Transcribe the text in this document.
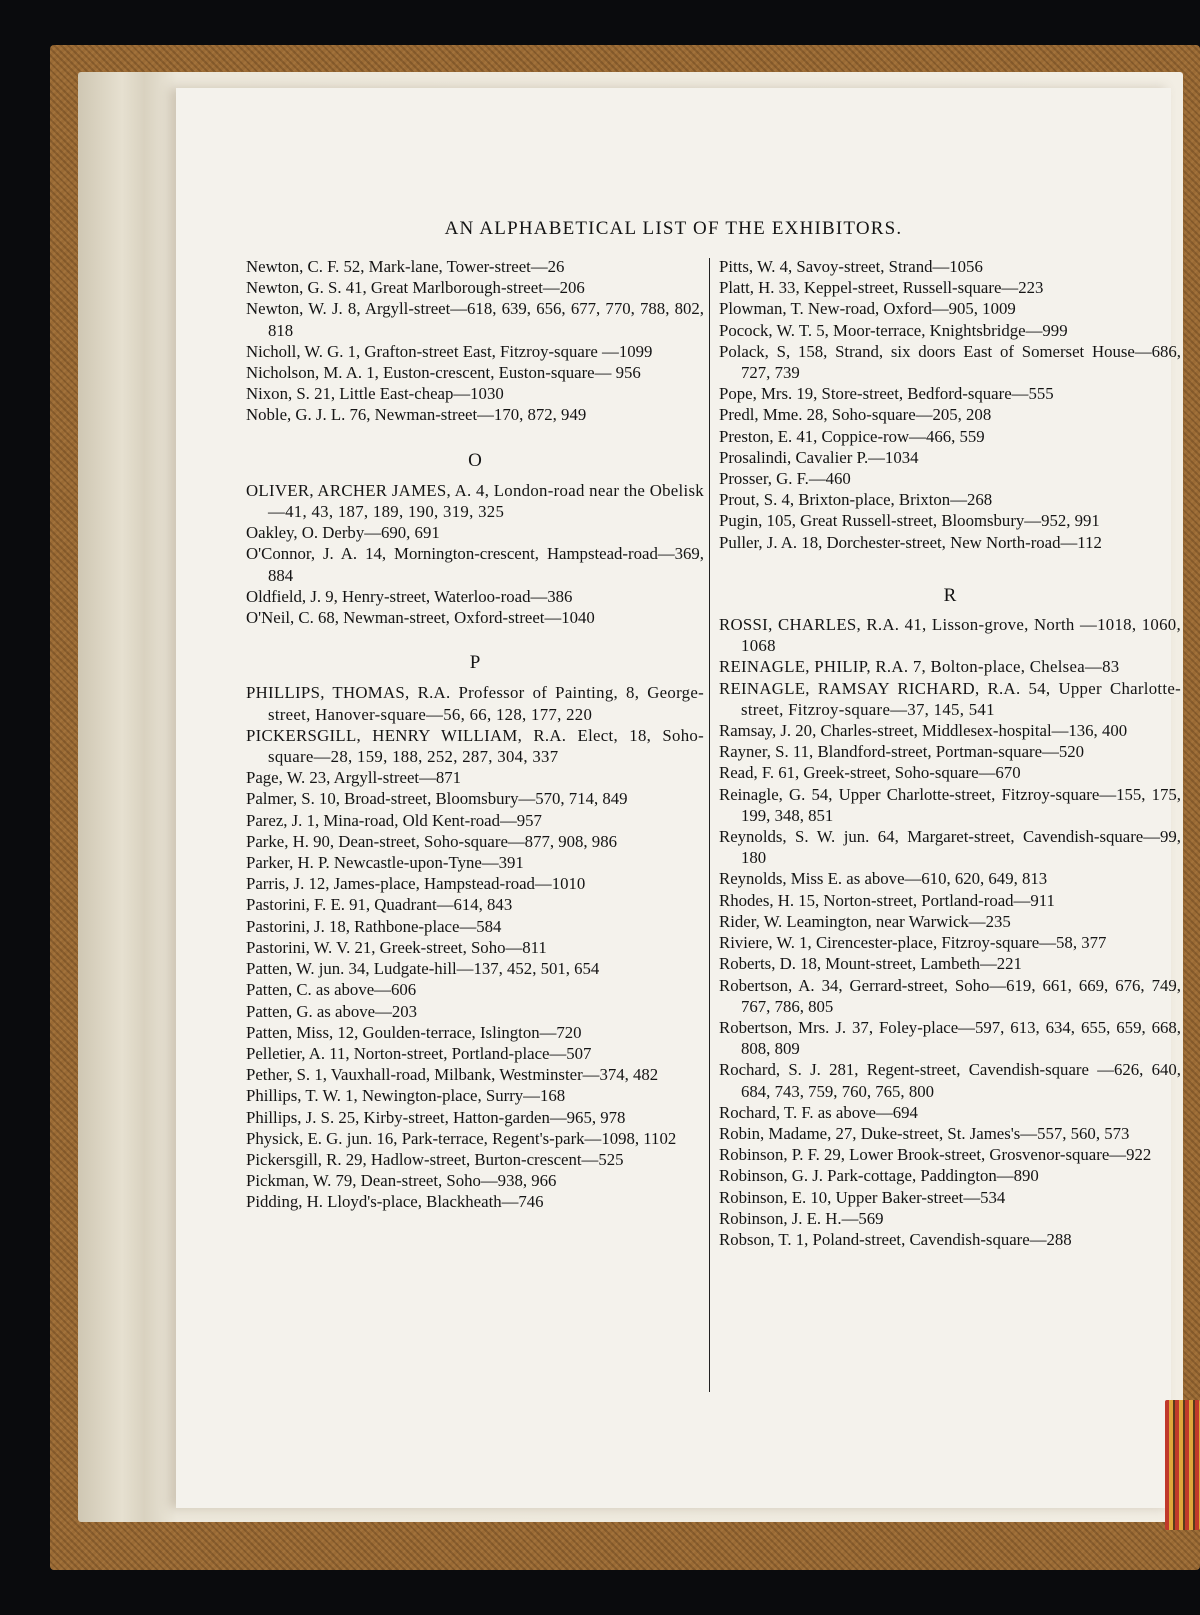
AN ALPHABETICAL LIST OF THE EXHIBITORS.
Newton, C. F. 52, Mark-lane, Tower-street—26
Newton, G. S. 41, Great Marlborough-street—206
Newton, W. J. 8, Argyll-street—618, 639, 656, 677, 770, 788, 802, 818
Nicholl, W. G. 1, Grafton-street East, Fitzroy-square —1099
Nicholson, M. A. 1, Euston-crescent, Euston-square— 956
Nixon, S. 21, Little East-cheap—1030
Noble, G. J. L. 76, Newman-street—170, 872, 949
O
OLIVER, ARCHER JAMES, A. 4, London-road near the Obelisk—41, 43, 187, 189, 190, 319, 325
Oakley, O. Derby—690, 691
O'Connor, J. A. 14, Mornington-crescent, Hampstead-road—369, 884
Oldfield, J. 9, Henry-street, Waterloo-road—386
O'Neil, C. 68, Newman-street, Oxford-street—1040
P
PHILLIPS, THOMAS, R.A. Professor of Painting, 8, George-street, Hanover-square—56, 66, 128, 177, 220
PICKERSGILL, HENRY WILLIAM, R.A. Elect, 18, Soho-square—28, 159, 188, 252, 287, 304, 337
Page, W. 23, Argyll-street—871
Palmer, S. 10, Broad-street, Bloomsbury—570, 714, 849
Parez, J. 1, Mina-road, Old Kent-road—957
Parke, H. 90, Dean-street, Soho-square—877, 908, 986
Parker, H. P. Newcastle-upon-Tyne—391
Parris, J. 12, James-place, Hampstead-road—1010
Pastorini, F. E. 91, Quadrant—614, 843
Pastorini, J. 18, Rathbone-place—584
Pastorini, W. V. 21, Greek-street, Soho—811
Patten, W. jun. 34, Ludgate-hill—137, 452, 501, 654
Patten, C. as above—606
Patten, G. as above—203
Patten, Miss, 12, Goulden-terrace, Islington—720
Pelletier, A. 11, Norton-street, Portland-place—507
Pether, S. 1, Vauxhall-road, Milbank, Westminster—374, 482
Phillips, T. W. 1, Newington-place, Surry—168
Phillips, J. S. 25, Kirby-street, Hatton-garden—965, 978
Physick, E. G. jun. 16, Park-terrace, Regent's-park—1098, 1102
Pickersgill, R. 29, Hadlow-street, Burton-crescent—525
Pickman, W. 79, Dean-street, Soho—938, 966
Pidding, H. Lloyd's-place, Blackheath—746
Pitts, W. 4, Savoy-street, Strand—1056
Platt, H. 33, Keppel-street, Russell-square—223
Plowman, T. New-road, Oxford—905, 1009
Pocock, W. T. 5, Moor-terrace, Knightsbridge—999
Polack, S, 158, Strand, six doors East of Somerset House—686, 727, 739
Pope, Mrs. 19, Store-street, Bedford-square—555
Predl, Mme. 28, Soho-square—205, 208
Preston, E. 41, Coppice-row—466, 559
Prosalindi, Cavalier P.—1034
Prosser, G. F.—460
Prout, S. 4, Brixton-place, Brixton—268
Pugin, 105, Great Russell-street, Bloomsbury—952, 991
Puller, J. A. 18, Dorchester-street, New North-road—112
R
ROSSI, CHARLES, R.A. 41, Lisson-grove, North —1018, 1060, 1068
REINAGLE, PHILIP, R.A. 7, Bolton-place, Chelsea—83
REINAGLE, RAMSAY RICHARD, R.A. 54, Upper Charlotte-street, Fitzroy-square—37, 145, 541
Ramsay, J. 20, Charles-street, Middlesex-hospital—136, 400
Rayner, S. 11, Blandford-street, Portman-square—520
Read, F. 61, Greek-street, Soho-square—670
Reinagle, G. 54, Upper Charlotte-street, Fitzroy-square—155, 175, 199, 348, 851
Reynolds, S. W. jun. 64, Margaret-street, Cavendish-square—99, 180
Reynolds, Miss E. as above—610, 620, 649, 813
Rhodes, H. 15, Norton-street, Portland-road—911
Rider, W. Leamington, near Warwick—235
Riviere, W. 1, Cirencester-place, Fitzroy-square—58, 377
Roberts, D. 18, Mount-street, Lambeth—221
Robertson, A. 34, Gerrard-street, Soho—619, 661, 669, 676, 749, 767, 786, 805
Robertson, Mrs. J. 37, Foley-place—597, 613, 634, 655, 659, 668, 808, 809
Rochard, S. J. 281, Regent-street, Cavendish-square —626, 640, 684, 743, 759, 760, 765, 800
Rochard, T. F. as above—694
Robin, Madame, 27, Duke-street, St. James's—557, 560, 573
Robinson, P. F. 29, Lower Brook-street, Grosvenor-square—922
Robinson, G. J. Park-cottage, Paddington—890
Robinson, E. 10, Upper Baker-street—534
Robinson, J. E. H.—569
Robson, T. 1, Poland-street, Cavendish-square—288
